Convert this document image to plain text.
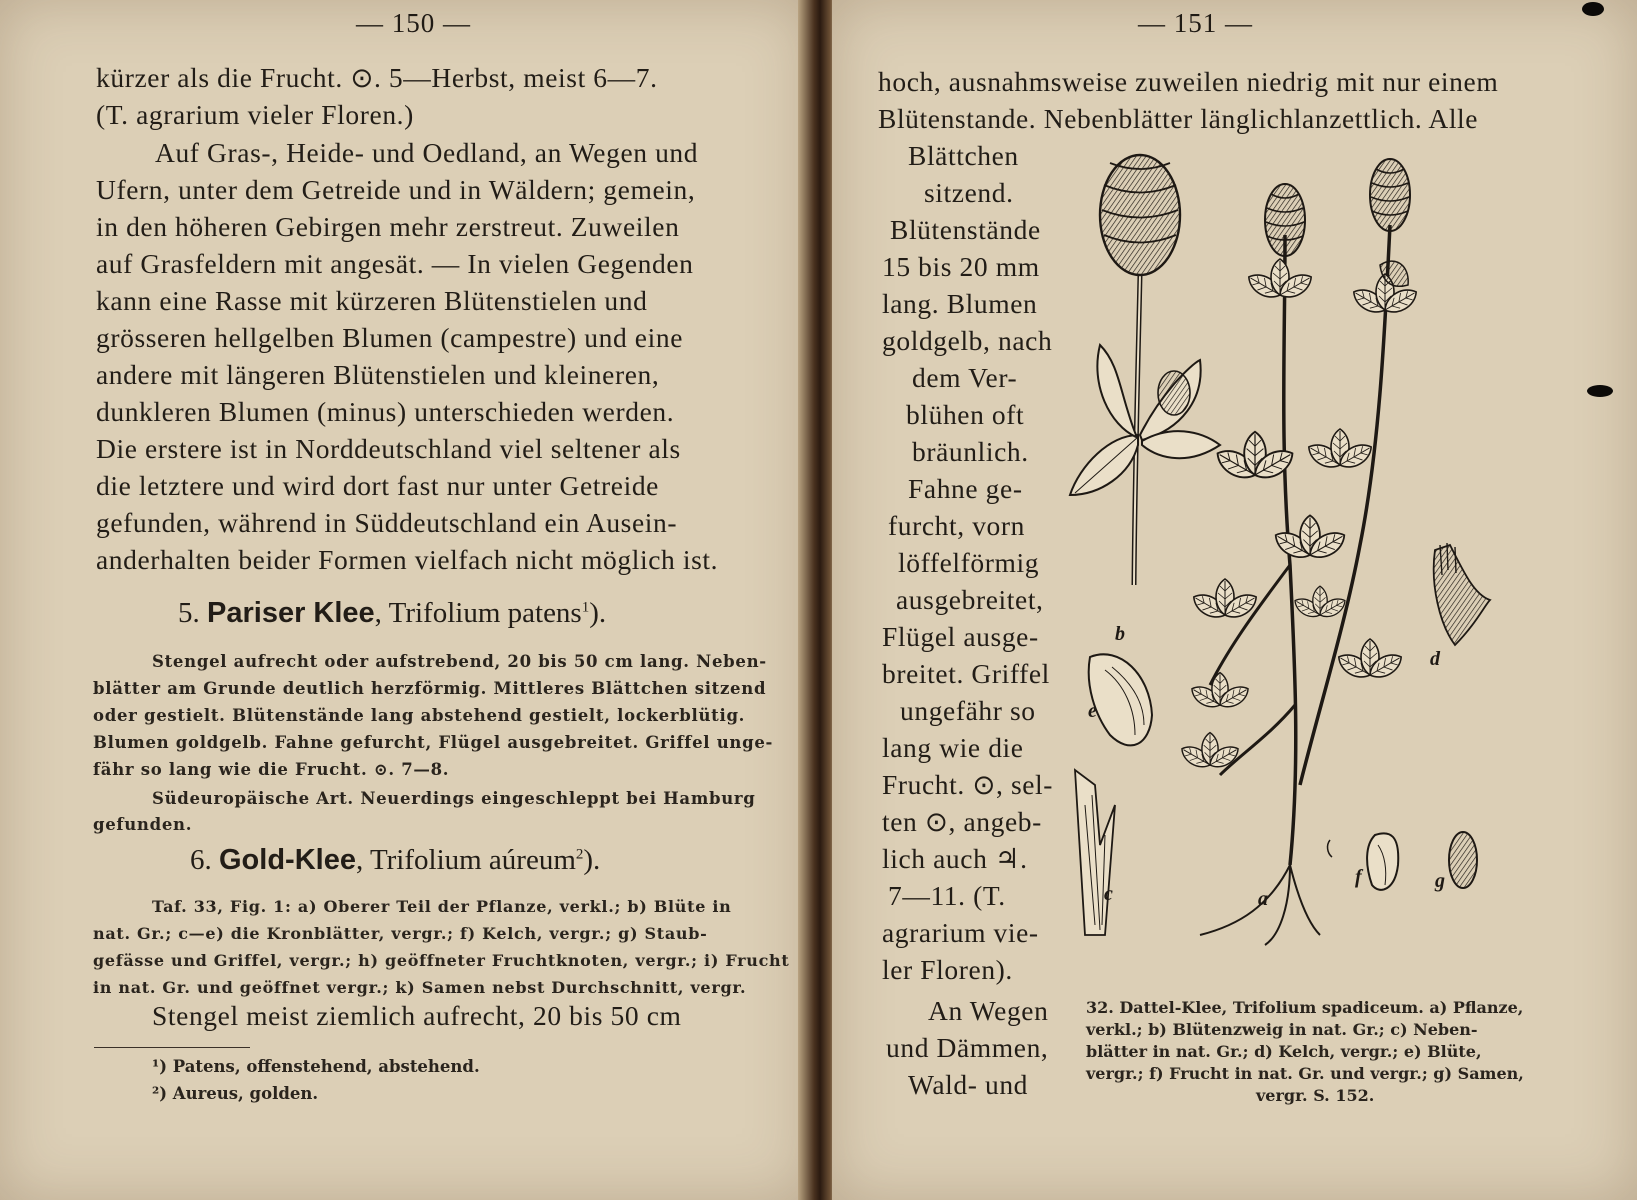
— 150 —
kürzer als die Frucht. ⊙. 5—Herbst, meist 6—7.
(T. agrarium vieler Floren.)
Auf Gras-, Heide- und Oedland, an Wegen und
Ufern, unter dem Getreide und in Wäldern; gemein,
in den höheren Gebirgen mehr zerstreut. Zuweilen
auf Grasfeldern mit angesät. — In vielen Gegenden
kann eine Rasse mit kürzeren Blütenstielen und
grösseren hellgelben Blumen (campestre) und eine
andere mit längeren Blütenstielen und kleineren,
dunkleren Blumen (minus) unterschieden werden.
Die erstere ist in Norddeutschland viel seltener als
die letztere und wird dort fast nur unter Getreide
gefunden, während in Süddeutschland ein Ausein-
anderhalten beider Formen vielfach nicht möglich ist.
5. Pariser Klee, Trifolium patens$^1$).
Stengel aufrecht oder aufstrebend, 20 bis 50 cm lang. Neben-
blätter am Grunde deutlich herzförmig. Mittleres Blättchen sitzend
oder gestielt. Blütenstände lang abstehend gestielt, lockerblütig.
Blumen goldgelb. Fahne gefurcht, Flügel ausgebreitet. Griffel unge-
fähr so lang wie die Frucht. ⊙. 7—8.
Südeuropäische Art. Neuerdings eingeschleppt bei Hamburg
gefunden.
6. Gold-Klee, Trifolium aúreum$^2$).
Taf. 33, Fig. 1: a) Oberer Teil der Pflanze, verkl.; b) Blüte in
nat. Gr.; c—e) die Kronblätter, vergr.; f) Kelch, vergr.; g) Staub-
gefässe und Griffel, vergr.; h) geöffneter Fruchtknoten, vergr.; i) Frucht
in nat. Gr. und geöffnet vergr.; k) Samen nebst Durchschnitt, vergr.
Stengel meist ziemlich aufrecht, 20 bis 50 cm
¹) Patens, offenstehend, abstehend.
²) Aureus, golden.
— 151 —
hoch, ausnahmsweise zuweilen niedrig mit nur einem
Blütenstande. Nebenblätter länglichlanzettlich. Alle
Blättchen
sitzend.
Blütenstände
15 bis 20 mm
lang. Blumen
goldgelb, nach
dem Ver-
blühen oft
bräunlich.
Fahne ge-
furcht, vorn
löffelförmig
ausgebreitet,
Flügel ausge-
breitet. Griffel
ungefähr so
lang wie die
Frucht. ⊙, sel-
ten ⊙, angeb-
lich auch ♃.
7—11. (T.
agrarium vie-
ler Floren).
An Wegen
und Dämmen,
Wald- und
32. Dattel-Klee, Trifolium spadiceum. a) Pflanze,
verkl.; b) Blütenzweig in nat. Gr.; c) Neben-
blätter in nat. Gr.; d) Kelch, vergr.; e) Blüte,
vergr.; f) Frucht in nat. Gr. und vergr.; g) Samen,
vergr. S. 152.
b
e
c
d
f	g
a
